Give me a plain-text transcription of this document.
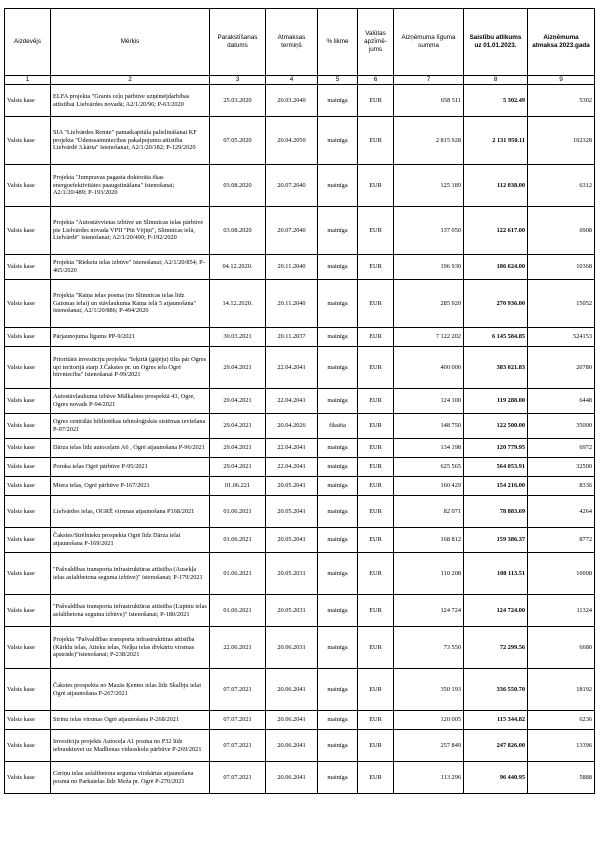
Aizdevējs	Mērķis	Parakstīšanas datums	Atmaksas termiņš	% likme	Valūtas apzīmē-jums	Aizņēmuma līguma summa	Saistību atlikums uz 01.01.2023.	Aizņēmuma atmaksa 2023.gada
1	2	3	4	5	6	7	8	9
Valsts kase	ELFA projekta "Grants ceļu pārbūve uzņēmējdarbības attīstībai Lielvārdes novadā; A2/1/20/96; P-63/2020	25.03.2020	20.03.2040	mainīga	EUR	658 511	5 302.49	5302
Valsts kase	SIA "Lielvārdes Remte" pamatkapitāla palielināšanai KF projekta "Ūdenssaimniecības pakalpojumu attīstība Lielvārdē 3.kārta" īstenošanai; A2/1/20/182; P-129/2020	07.05.2020	20.04.2050	mainīga	EUR	2 815 928	2 131 950.11	102328
Valsts kase	Projekta "Jumpravas pagasta doktorāta ēkas energoefektivitātes paaugstināšana" īstenošanai; A2/1/20/489; P-193/2020	03.08.2020	20.07.2040	mainīga	EUR	125 189	112 038.00	6312
Valsts kase	Projekta "Autostāvvietas izbūve un Slimnīcas ielas pārbūve pie Lielvārdes novada VPII "Pūt Vējiņi", Slimnīcas ielā, Lielvārdē" īstenošanai; A2/1/20/490; P-192/2020	03.08.2020	20.07.2040	mainīga	EUR	137 050	122 617.00	6908
Valsts kase	Projekta "Riekstu ielas izbūve" īstenošanai; A2/1/20/854; P-465/2020	04.12.2020.	20.11.2040	mainīga	EUR	196 930	186 624.00	10368
Valsts kase	Projekta "Raiņa ielas posma (no Slimnīcas ielas līdz Gaismas ielai) un stāvlaukuma Raiņa ielā 5 atjaunošana" īstenošanai; A2/1/20/886; P-494/2020	14.12.2020.	20.11.2040	mainīga	EUR	285 920	270 936.00	15052
Valsts kase	Pārjaunojuma līgums PP-9/2021	30.03.2021	20.11.2037	mainīga	EUR	7 122 202	6 145 584.85	524153
Valsts kase	Prioritārā investīciju projekta "Ieķirtā (gājēju) tilta pār Ogres upi teritorijā starp J.Čakstes pr. un Ogres ielu Ogrē būvniecība" īstenošanai P-99/2021	29.04.2021	22.04.2041	mainīga	EUR	400 000	383 021.83	20780
Valsts kase	Autostāvlaukuma izbūve Mālkalnes prospektā 43, Ogre, Ogres novads P-94/2021	29.04.2021	22.04.2041	mainīga	EUR	124 100	119 288.00	6448
Valsts kase	Ogres centrālās bibliotēkas tehnoloģiskās sistēmas ieviešana P-97/2021	29.04.2021	20.04.2026	fiksēta	EUR	148 750	122 500.00	35000
Valsts kase	Dārza ielas līdz autoceļam A6 , Ogrē atjaunošana P-96/2021	29.04.2021	22.04.2041	mainīga	EUR	134 198	120 779.95	6972
Valsts kase	Poruka ielas Ogrē pārbūve P-95/2021	29.04.2021	22.04.2041	mainīga	EUR	625 565	564 053.91	32500
Valsts kase	Miera ielas, Ogrē pārbūve P-167/2021	01.06.221	20.05.2041	mainīga	EUR	160 429	154 216.00	8336
Valsts kase	Lielvārdes ielas, OGRĒ virsmas atjaunošana P168/2021	01.06.2021	20.05.2041	mainīga	EUR	82 071	78 883.69	4264
Valsts kase	Čakstes/Strēlnieku prospekta Ogrē līdz Dārza ielai atjaunošana P-169/2021	01.06.2021	20.05.2041	mainīga	EUR	168 812	159 386.37	8772
Valsts kase	"Pašvaldības transporta infrastruktūras attīstība (Ausekļa ielas asfaltbetona seguma izbūve)" īstenošanai; P-179/2021	01.06.2021	20.05.2031	mainīga	EUR	110 208	108 113.51	10008
Valsts kase	"Pašvaldības transporta infrastruktūras attīstība (Lupīnu ielas asfaltbetona seguma izbūve)" īstenošanai; P-180/2021	01.06.2021	20.05.2031	mainīga	EUR	124 724	124 724.00	11324
Valsts kase	Projekta "Pašvaldības transporta infrastruktūras attīstība (Kārklu ielas, Atteku ielas, Neļķu ielas divkārtu virsmas apstrāde)"īstenošanai; P-238/2021	22.06.2021	20.06.2031	mainīga	EUR	73 550	72 299.56	6680
Valsts kase	Čakstes prospekta no Mazās Ķentes ielas līdz Skalbju ielai Ogrē atjaunošana P-267/2021	07.07.2021	20.06.2041	mainīga	EUR	350 193	336 550.70	18192
Valsts kase	Strīnu ielas virsmas Ogrē atjaunošana P-268/2021	07.07.2021	20.06.2041	mainīga	EUR	120 005	115 344.82	6236
Valsts kase	Investīciju projekts Autoceļa A1 posma no P32 līdz iebrauktuvei uz Madlienas vidusskolu pārbūve P-269/2021	07.07.2021	20.06.2041	mainīga	EUR	257 849	247 826.00	13396
Valsts kase	Ceriņu ielas asfaltbetona seguma virskārtas atjaunošana posmā no Parkaielas līdz Meža pr. Ogrē P-270/2021	07.07.2021	20.06.2041	mainīga	EUR	113 296	96 440.95	5888
